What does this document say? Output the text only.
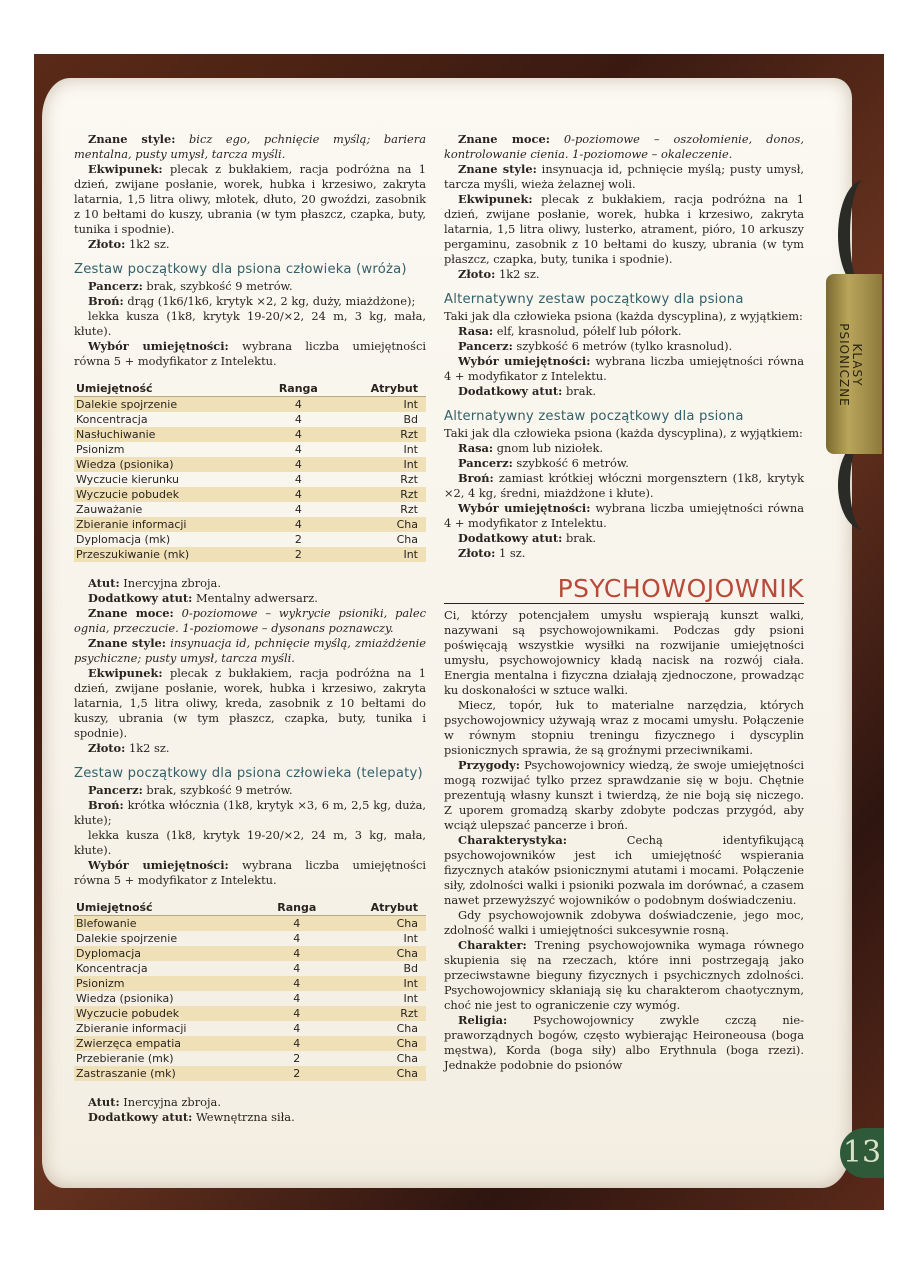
KLASY PSIONICZNE
13

Znane style: bicz ego, pchnięcie myślą; bariera mentalna, pusty umysł, tarcza myśli.

Ekwipunek: plecak z bukłakiem, racja podróżna na 1 dzień, zwijane posłanie, worek, hubka i krzesiwo, zakryta latarnia, 1,5 litra oliwy, młotek, dłuto, 20 gwoździ, zasobnik z 10 bełtami do kuszy, ubrania (w tym płaszcz, czapka, buty, tunika i spodnie).

Złoto: 1k2 sz.

Zestaw początkowy dla psiona człowieka (wróża)

Pancerz: brak, szybkość 9 metrów.

Broń: drąg (1k6/1k6, krytyk ×2, 2 kg, duży, miażdżone);

lekka kusza (1k8, krytyk 19-20/×2, 24 m, 3 kg, mała, kłute).

Wybór umiejętności: wybrana liczba umiejętności równa 5 + modyfikator z Intelektu.

Umiejętność	Ranga	Atrybut
Dalekie spojrzenie	4	Int
Koncentracja	4	Bd
Nasłuchiwanie	4	Rzt
Psionizm	4	Int
Wiedza (psionika)	4	Int
Wyczucie kierunku	4	Rzt
Wyczucie pobudek	4	Rzt
Zauważanie	4	Rzt
Zbieranie informacji	4	Cha
Dyplomacja (mk)	2	Cha
Przeszukiwanie (mk)	2	Int

Atut: Inercyjna zbroja.

Dodatkowy atut: Mentalny adwersarz.

Znane moce: 0-poziomowe – wykrycie psioniki, palec ognia, przeczucie. 1-poziomowe – dysonans poznawczy.

Znane style: insynuacja id, pchnięcie myślą, zmiażdżenie psychiczne; pusty umysł, tarcza myśli.

Ekwipunek: plecak z bukłakiem, racja podróżna na 1 dzień, zwijane posłanie, worek, hubka i krzesiwo, zakryta latarnia, 1,5 litra oliwy, kreda, zasobnik z 10 bełtami do kuszy, ubrania (w tym płaszcz, czapka, buty, tunika i spodnie).

Złoto: 1k2 sz.

Zestaw początkowy dla psiona człowieka (telepaty)

Pancerz: brak, szybkość 9 metrów.

Broń: krótka włócznia (1k8, krytyk ×3, 6 m, 2,5 kg, duża, kłute);

lekka kusza (1k8, krytyk 19-20/×2, 24 m, 3 kg, mała, kłute).

Wybór umiejętności: wybrana liczba umiejętności równa 5 + modyfikator z Intelektu.

Umiejętność	Ranga	Atrybut
Blefowanie	4	Cha
Dalekie spojrzenie	4	Int
Dyplomacja	4	Cha
Koncentracja	4	Bd
Psionizm	4	Int
Wiedza (psionika)	4	Int
Wyczucie pobudek	4	Rzt
Zbieranie informacji	4	Cha
Zwierzęca empatia	4	Cha
Przebieranie (mk)	2	Cha
Zastraszanie (mk)	2	Cha

Atut: Inercyjna zbroja.

Dodatkowy atut: Wewnętrzna siła.

Znane moce: 0-poziomowe – oszołomienie, donos, kontrolowanie cienia. 1-poziomowe – okaleczenie.

Znane style: insynuacja id, pchnięcie myślą; pusty umysł, tarcza myśli, wieża żelaznej woli.

Ekwipunek: plecak z bukłakiem, racja podróżna na 1 dzień, zwijane posłanie, worek, hubka i krzesiwo, zakryta latarnia, 1,5 litra oliwy, lusterko, atrament, pióro, 10 arkuszy pergaminu, zasobnik z 10 bełtami do kuszy, ubrania (w tym płaszcz, czapka, buty, tunika i spodnie).

Złoto: 1k2 sz.

Alternatywny zestaw początkowy dla psiona

Taki jak dla człowieka psiona (każda dyscyplina), z wyjątkiem:

Rasa: elf, krasnolud, półelf lub półork.

Pancerz: szybkość 6 metrów (tylko krasnolud).

Wybór umiejętności: wybrana liczba umiejętności równa 4 + modyfikator z Intelektu.

Dodatkowy atut: brak.

Alternatywny zestaw początkowy dla psiona

Taki jak dla człowieka psiona (każda dyscyplina), z wyjątkiem:

Rasa: gnom lub niziołek.

Pancerz: szybkość 6 metrów.

Broń: zamiast krótkiej włóczni morgensztern (1k8, krytyk ×2, 4 kg, średni, miażdżone i kłute).

Wybór umiejętności: wybrana liczba umiejętności równa 4 + modyfikator z Intelektu.

Dodatkowy atut: brak.

Złoto: 1 sz.

PSYCHOWOJOWNIK

Ci, którzy potencjałem umysłu wspierają kunszt walki, nazywani są psychowojownikami. Podczas gdy psioni poświęcają wszystkie wysiłki na rozwijanie umiejętności umysłu, psychowojownicy kładą nacisk na rozwój ciała. Energia mentalna i fizyczna działają zjednoczone, prowadząc ku doskonałości w sztuce walki.

Miecz, topór, łuk to materialne narzędzia, których psychowojownicy używają wraz z mocami umysłu. Połączenie w równym stopniu treningu fizycznego i dyscyplin psionicznych sprawia, że są groźnymi przeciwnikami.

Przygody: Psychowojownicy wiedzą, że swoje umiejętności mogą rozwijać tylko przez sprawdzanie się w boju. Chętnie prezentują własny kunszt i twierdzą, że nie boją się niczego. Z uporem gromadzą skarby zdobyte podczas przygód, aby wciąż ulepszać pancerze i broń.

Charakterystyka:	Cechą identyfikującą psychowojowników jest ich umiejętność wspierania fizycznych ataków psionicznymi atutami i mocami. Połączenie siły, zdolności walki i psioniki pozwala im dorównać, a czasem nawet przewyższyć wojowników o podobnym doświadczeniu.

Gdy psychowojownik zdobywa doświadczenie, jego moc, zdolność walki i umiejętności sukcesywnie rosną.

Charakter: Trening psychowojownika wymaga równego skupienia się na rzeczach, które inni postrzegają jako przeciwstawne bieguny fizycznych i psychicznych zdolności. Psychowojownicy skłaniają się ku charakterom chaotycznym, choć nie jest to ograniczenie czy wymóg.

Religia: Psychowojownicy zwykle czczą nie-praworządnych bogów, często wybierając Heironeousa (boga męstwa), Korda (boga siły) albo Erythnula (boga rzezi). Jednakże podobnie do psionów
